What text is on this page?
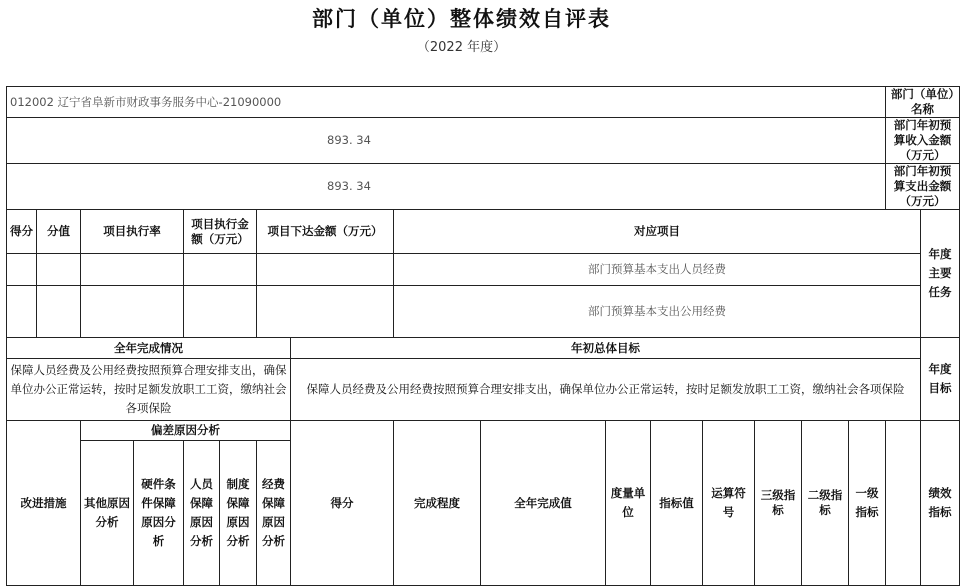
部门（单位）整体绩效自评表
（2022 年度）
012002 辽宁省阜新市财政事务服务中心-21090000																部门（单位）名称	
893. 34																部门年初预算收入金额（万元）	
893. 34																部门年初预算支出金额（万元）	
得分	分值	项目执行率		项目执行金额（万元）		项目下达金额（万元）		对应项目									年度主要任务
								部门预算基本支出人员经费									
								部门预算基本支出公用经费									
全年完成情况							年初总体目标										年度目标
保障人员经费及公用经费按照预算合理安排支出，确保单位办公正常运转，按时足额发放职工工资，缴纳社会各项保险							保障人员经费及公用经费按照预算合理安排支出，确保单位办公正常运转，按时足额发放职工工资，缴纳社会各项保险										
改进措施		偏差原因分析					得分	完成程度	全年完成值	度量单位	指标值	运算符号	三级指标	二级指标	一级指标		绩效指标
		其他原因分析	硬件条件保障原因分析	人员保障原因分析	制度保障原因分析	经费保障原因分析											
